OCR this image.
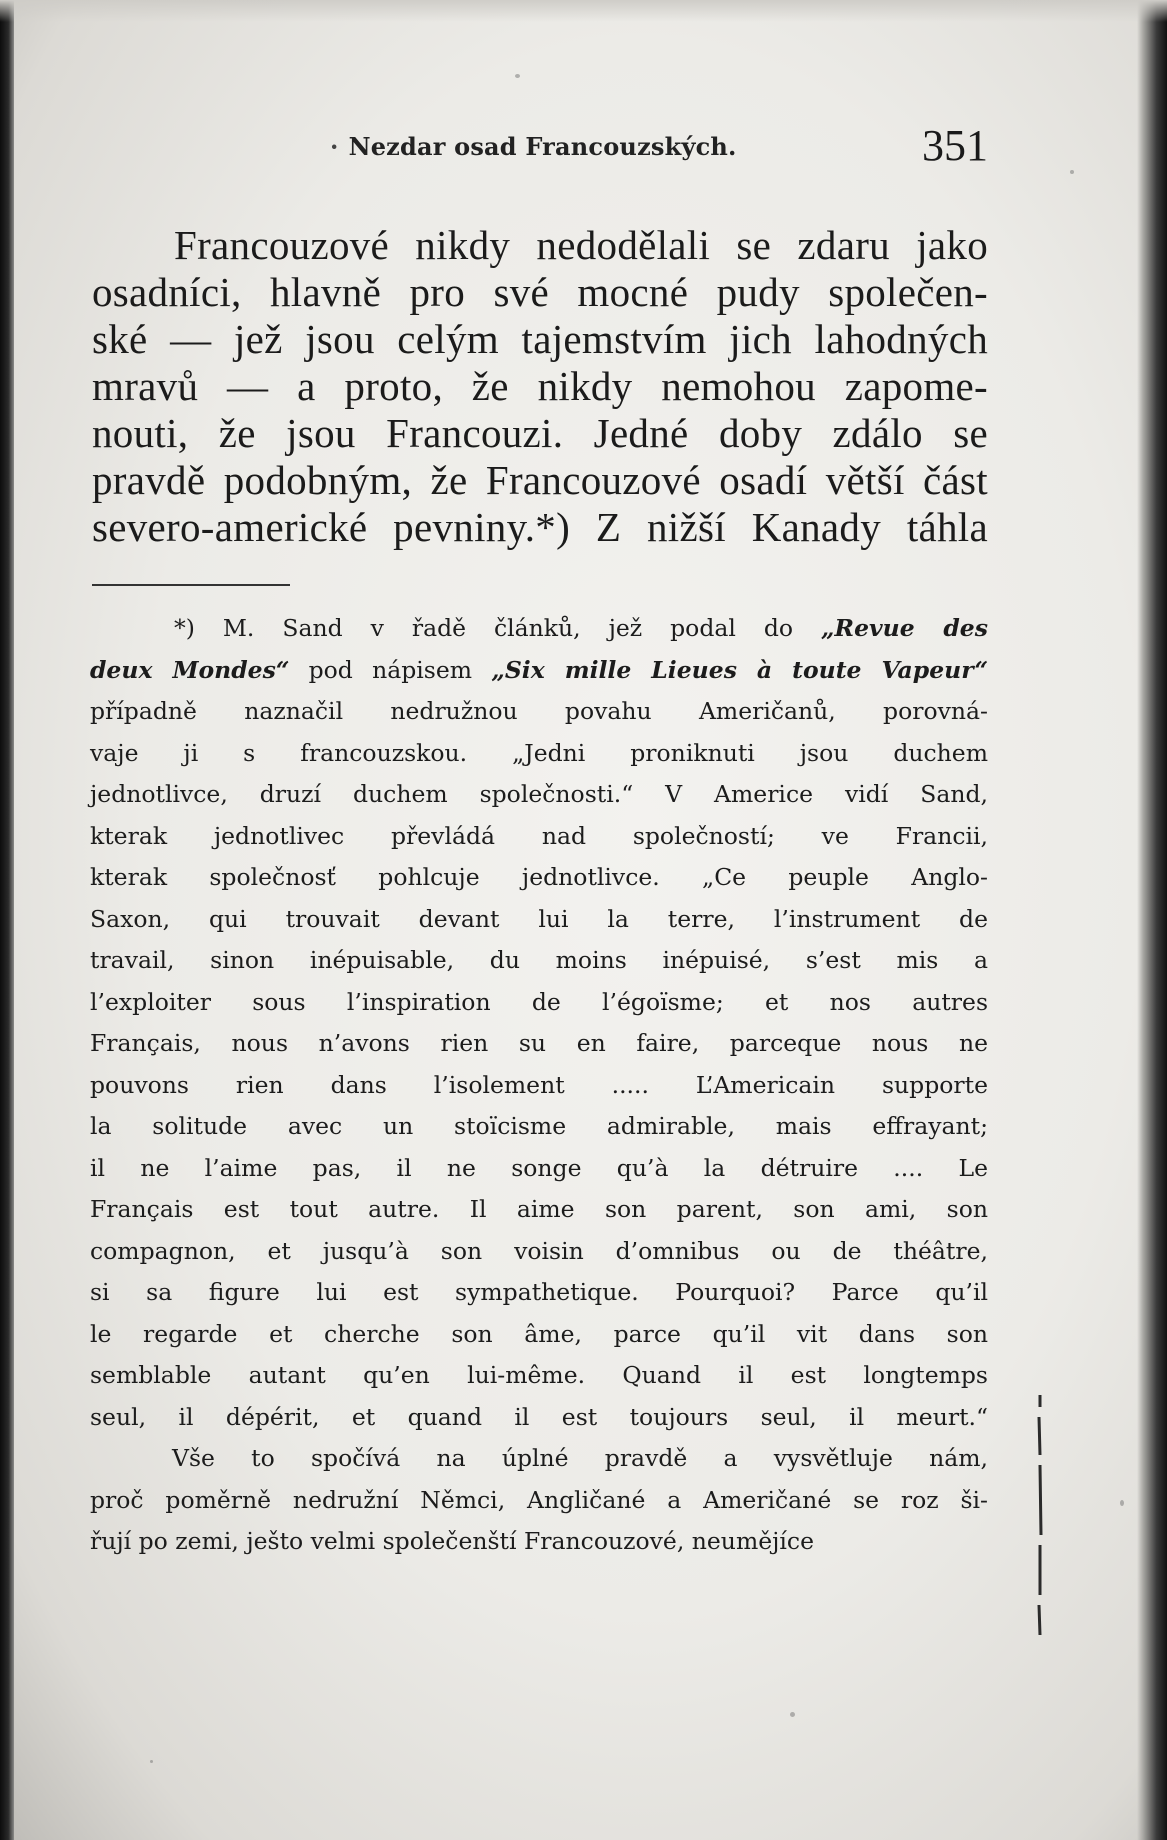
· Nezdar osad Francouzských.	351
Francouzové nikdy nedodělali se zdaru jako
osadníci, hlavně pro své mocné pudy společen-
ské — jež jsou celým tajemstvím jich lahodných
mravů — a proto, že nikdy nemohou zapome-
nouti, že jsou Francouzi. Jedné doby zdálo se
pravdě podobným, že Francouzové osadí větší část
severo-americké pevniny.*) Z nižší Kanady táhla
*) M. Sand v řadě článků, jež podal do „Revue des
deux Mondes“ pod nápisem „Six mille Lieues à toute Vapeur“
případně naznačil nedružnou povahu Američanů, porovná-
vaje ji s francouzskou. „Jedni proniknuti jsou duchem
jednotlivce, druzí duchem společnosti.“ V Americe vidí Sand,
kterak jednotlivec převládá nad společností; ve Francii,
kterak společnosť pohlcuje jednotlivce. „Ce peuple Anglo-
Saxon, qui trouvait devant lui la terre, l’instrument de
travail, sinon inépuisable, du moins inépuisé, s’est mis a
l’exploiter sous l’inspiration de l’égoïsme; et nos autres
Français, nous n’avons rien su en faire, parceque nous ne
pouvons rien dans l’isolement ..... L’Americain supporte
la solitude avec un stoïcisme admirable, mais effrayant;
il ne l’aime pas, il ne songe qu’à la détruire .... Le
Français est tout autre. Il aime son parent, son ami, son
compagnon, et jusqu’à son voisin d’omnibus ou de théâtre,
si sa figure lui est sympathetique. Pourquoi? Parce qu’il
le regarde et cherche son âme, parce qu’il vit dans son
semblable autant qu’en lui-même. Quand il est longtemps
seul, il dépérit, et quand il est toujours seul, il meurt.“
Vše to spočívá na úplné pravdě a vysvětluje nám,
proč poměrně nedružní Němci, Angličané a Američané se roz ši-
řují po zemi, ješto velmi společenští Francouzové, neumějíce
